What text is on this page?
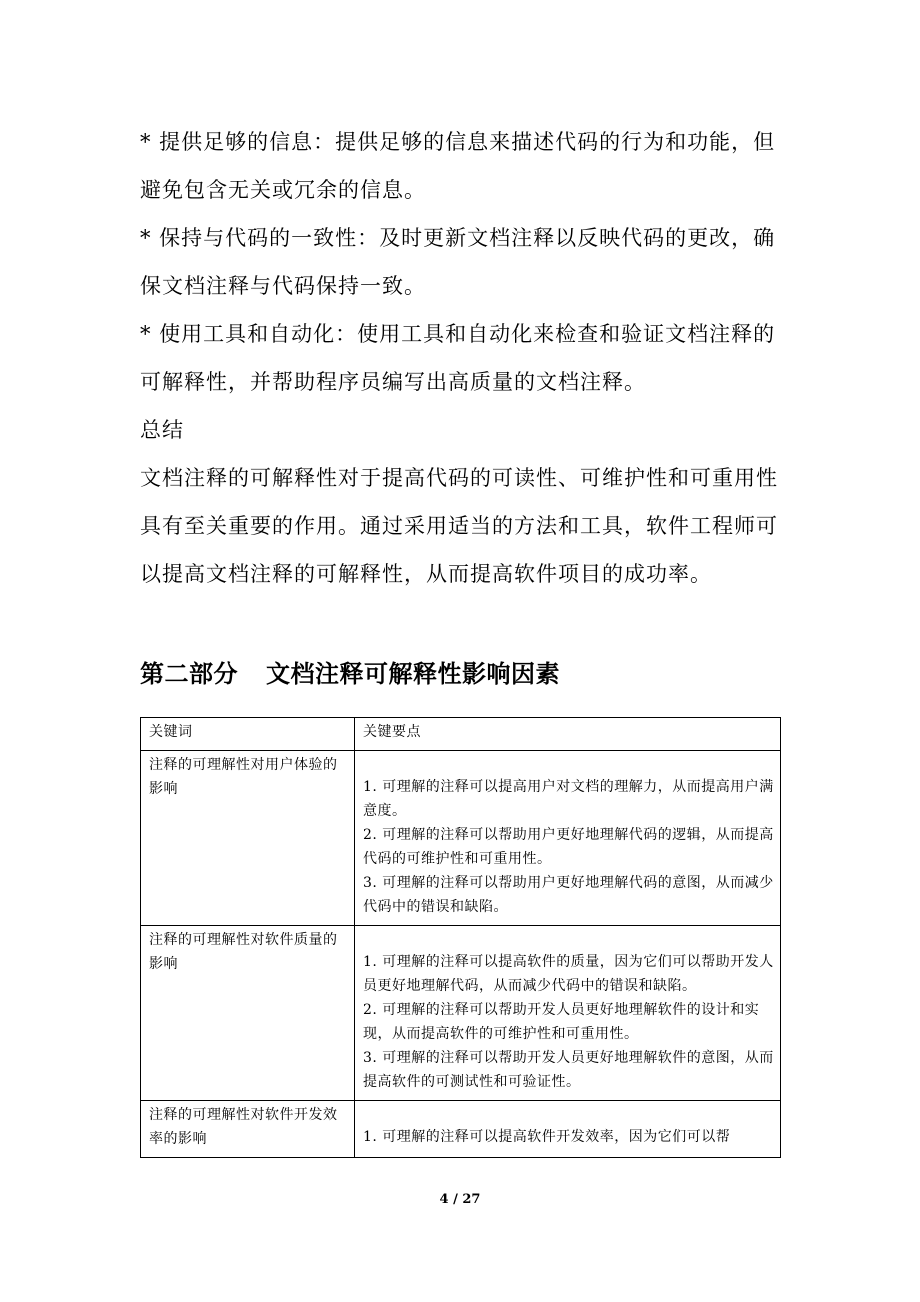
* 提供足够的信息：提供足够的信息来描述代码的行为和功能，但避免包含无关或冗余的信息。

* 保持与代码的一致性：及时更新文档注释以反映代码的更改，确保文档注释与代码保持一致。

* 使用工具和自动化：使用工具和自动化来检查和验证文档注释的可解释性，并帮助程序员编写出高质量的文档注释。

总结

文档注释的可解释性对于提高代码的可读性、可维护性和可重用性具有至关重要的作用。通过采用适当的方法和工具，软件工程师可以提高文档注释的可解释性，从而提高软件项目的成功率。

第二部分 文档注释可解释性影响因素
关键词	关键要点
注释的可理解性对用户体验的影响	1. 可理解的注释可以提高用户对文档的理解力，从而提高用户满意度。

2. 可理解的注释可以帮助用户更好地理解代码的逻辑，从而提高代码的可维护性和可重用性。

3. 可理解的注释可以帮助用户更好地理解代码的意图，从而减少代码中的错误和缺陷。

注释的可理解性对软件质量的影响	1. 可理解的注释可以提高软件的质量，因为它们可以帮助开发人员更好地理解代码，从而减少代码中的错误和缺陷。

2. 可理解的注释可以帮助开发人员更好地理解软件的设计和实现，从而提高软件的可维护性和可重用性。

3. 可理解的注释可以帮助开发人员更好地理解软件的意图，从而提高软件的可测试性和可验证性。

注释的可理解性对软件开发效率的影响	1. 可理解的注释可以提高软件开发效率，因为它们可以帮

4 / 27
